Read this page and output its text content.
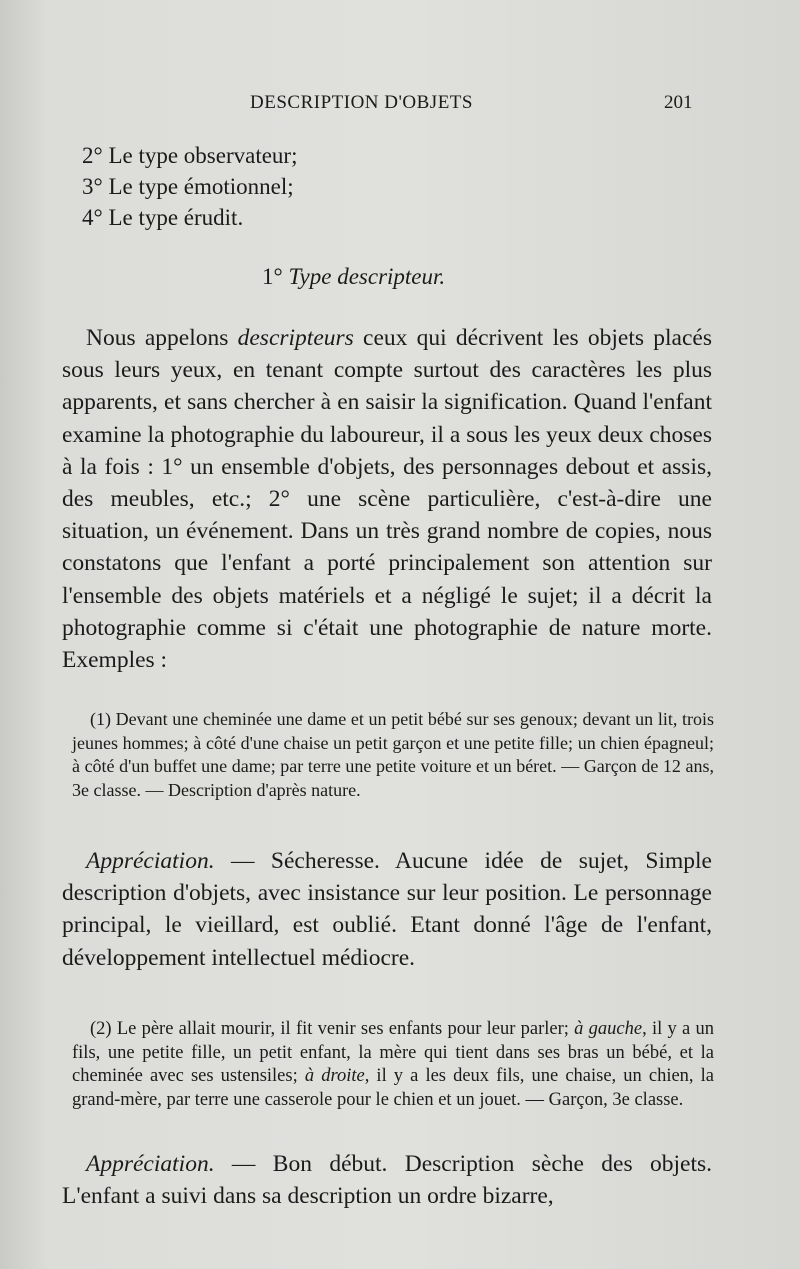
DESCRIPTION D'OBJETS	201
2° Le type observateur;
3° Le type émotionnel;
4° Le type érudit.
1° Type descripteur.

Nous appelons descripteurs ceux qui décrivent les objets placés sous leurs yeux, en tenant compte surtout des caractères les plus apparents, et sans chercher à en saisir la signification. Quand l'enfant examine la photographie du laboureur, il a sous les yeux deux choses à la fois : 1° un ensemble d'objets, des personnages debout et assis, des meubles, etc.; 2° une scène particulière, c'est-à-dire une situation, un événement. Dans un très grand nombre de copies, nous constatons que l'enfant a porté principalement son attention sur l'ensemble des objets matériels et a négligé le sujet; il a décrit la photographie comme si c'était une photographie de nature morte. Exemples :

(1) Devant une cheminée une dame et un petit bébé sur ses genoux; devant un lit, trois jeunes hommes; à côté d'une chaise un petit garçon et une petite fille; un chien épagneul; à côté d'un buffet une dame; par terre une petite voiture et un béret. — Garçon de 12 ans, 3e classe. — Description d'après nature.

Appréciation. — Sécheresse. Aucune idée de sujet, Simple description d'objets, avec insistance sur leur position. Le personnage principal, le vieillard, est oublié. Etant donné l'âge de l'enfant, développement intellectuel médiocre.

(2) Le père allait mourir, il fit venir ses enfants pour leur parler; à gauche, il y a un fils, une petite fille, un petit enfant, la mère qui tient dans ses bras un bébé, et la cheminée avec ses ustensiles; à droite, il y a les deux fils, une chaise, un chien, la grand-mère, par terre une casserole pour le chien et un jouet. — Garçon, 3e classe.

Appréciation. — Bon début. Description sèche des objets. L'enfant a suivi dans sa description un ordre bizarre,
